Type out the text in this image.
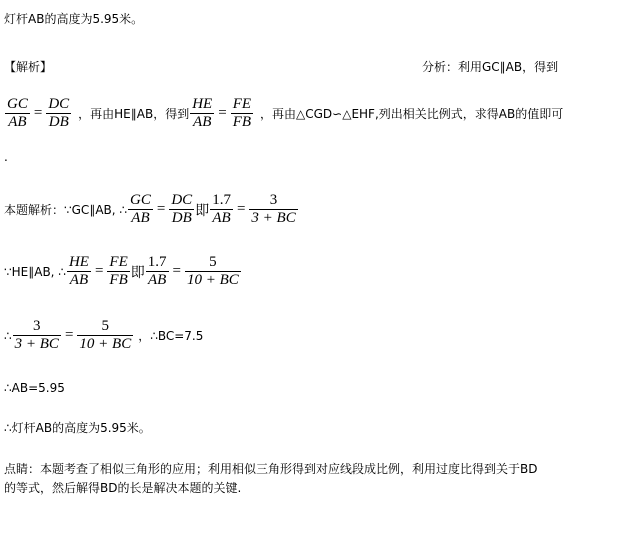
灯杆AB的高度为5.95米。
【解析】	分析：利用GC∥AB，得到
$\frac{GC}{AB} = \frac{DC}{DB}$ ，再由HE∥AB，得到 $\frac{HE}{AB} = \frac{FE}{FB}$ ，再由△CGD∽△EHF,列出相关比例式，求得AB的值即可
.
本题解析：∵GC∥AB, ∴ $\frac{GC}{AB} = \frac{DC}{DB}$ 即 $\frac{1.7}{AB} = \frac{3}{3 + BC}$
∵HE∥AB, ∴ $\frac{HE}{AB} = \frac{FE}{FB}$ 即 $\frac{1.7}{AB} = \frac{5}{10 + BC}$
∴ $\frac{3}{3 + BC} = \frac{5}{10 + BC}$ ，∴BC=7.5
∴AB=5.95
∴灯杆AB的高度为5.95米。
点睛：本题考查了相似三角形的应用；利用相似三角形得到对应线段成比例，利用过度比得到关于BD
的等式，然后解得BD的长是解决本题的关键.
